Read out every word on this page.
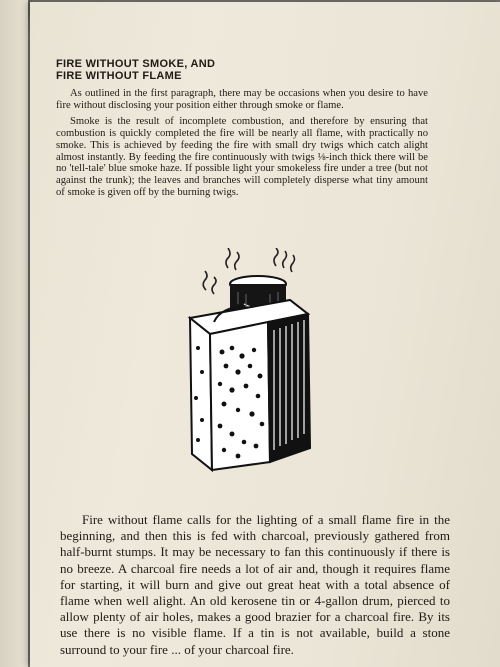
FIRE WITHOUT SMOKE, AND
FIRE WITHOUT FLAME

As outlined in the first paragraph, there may be occasions when you desire to have fire without disclosing your position either through smoke or flame.

Smoke is the result of incomplete combustion, and therefore by ensuring that combustion is quickly completed the fire will be nearly all flame, with practically no smoke. This is achieved by feeding the fire with small dry twigs which catch alight almost instantly. By feeding the fire continuously with twigs ⅛-inch thick there will be no 'tell-tale' blue smoke haze. If possible light your smokeless fire under a tree (but not against the trunk); the leaves and branches will completely disperse what tiny amount of smoke is given off by the burning twigs.

Fire without flame calls for the lighting of a small flame fire in the beginning, and then this is fed with charcoal, previously gathered from half-burnt stumps. It may be necessary to fan this continuously if there is no breeze. A charcoal fire needs a lot of air and, though it requires flame for starting, it will burn and give out great heat with a total absence of flame when well alight. An old kerosene tin or 4-gallon drum, pierced to allow plenty of air holes, makes a good brazier for a charcoal fire. By its use there is no visible flame. If a tin is not available, build a stone surround to your fire ... of your charcoal fire.
